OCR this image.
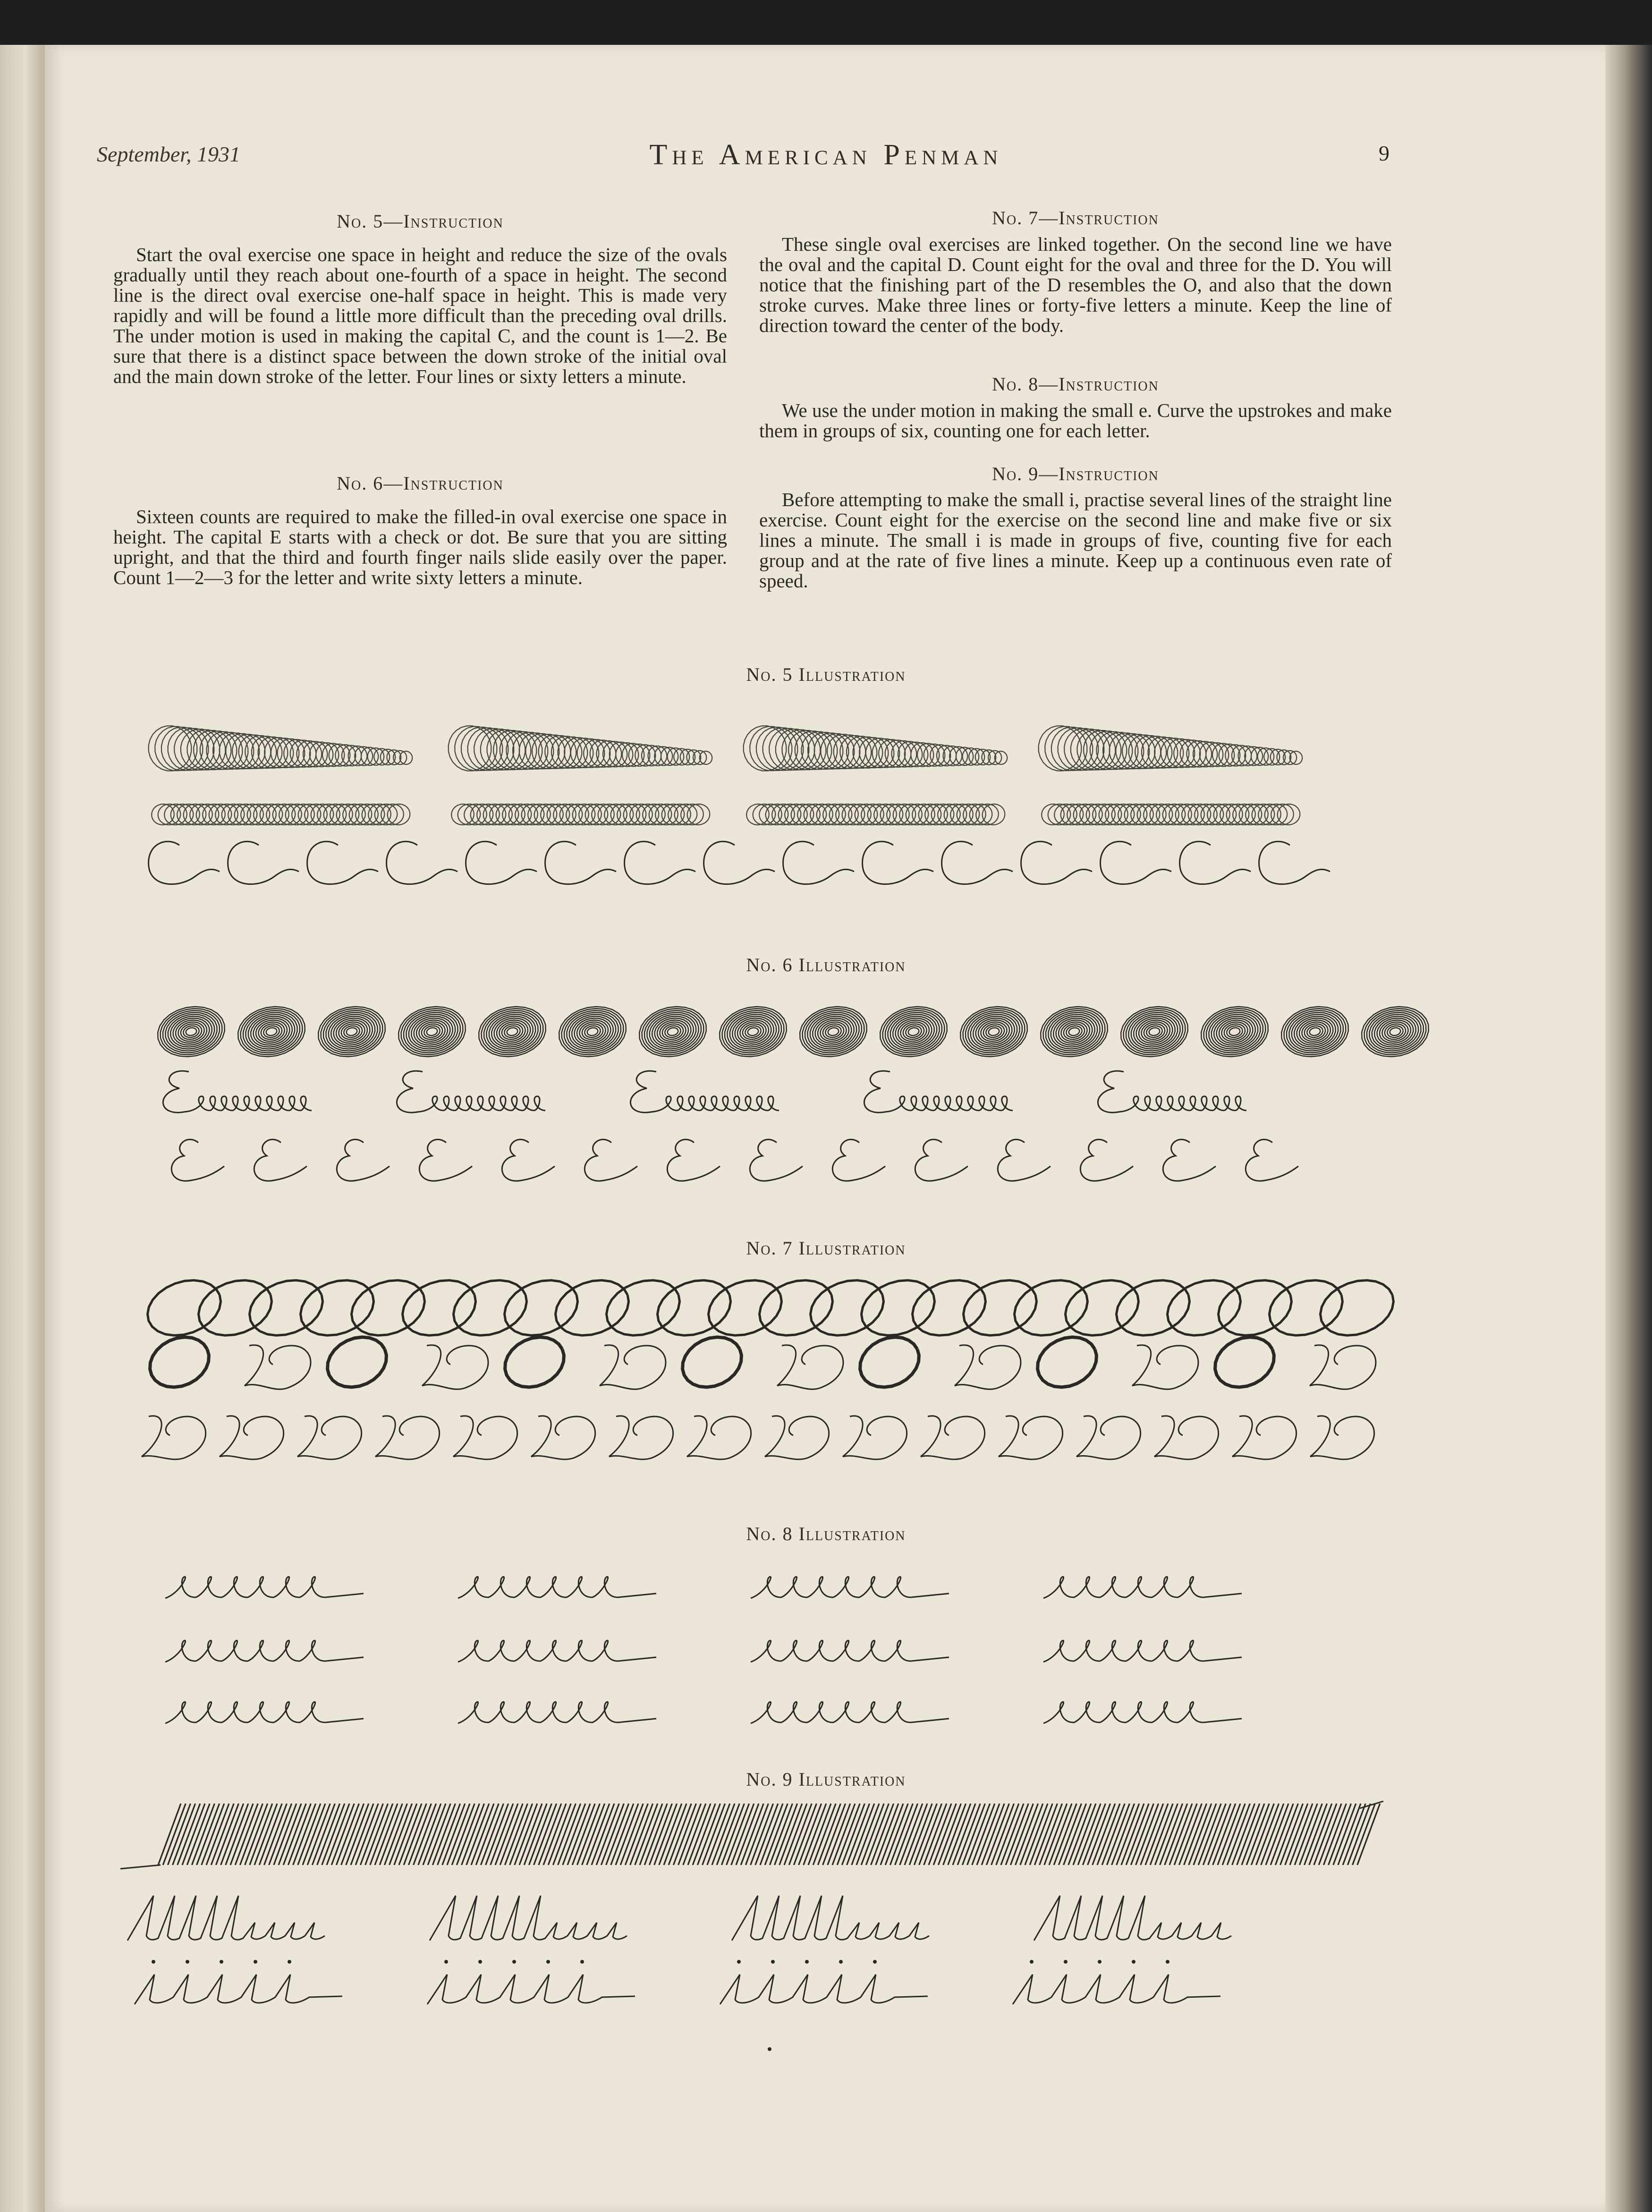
September, 1931	The American Penman	9
No. 5—Instruction
Start the oval exercise one space in height and reduce the size of the ovals gradually until they reach about one-fourth of a space in height. The second line is the direct oval exercise one-half space in height. This is made very rapidly and will be found a little more difficult than the preceding oval drills. The under motion is used in making the capital C, and the count is 1—2. Be sure that there is a distinct space between the down stroke of the initial oval and the main down stroke of the letter. Four lines or sixty letters a minute.
No. 6—Instruction
Sixteen counts are required to make the filled-in oval exercise one space in height. The capital E starts with a check or dot. Be sure that you are sitting upright, and that the third and fourth finger nails slide easily over the paper. Count 1—2—3 for the letter and write sixty letters a minute.
No. 7—Instruction
These single oval exercises are linked together. On the second line we have the oval and the capital D. Count eight for the oval and three for the D. You will notice that the finishing part of the D resembles the O, and also that the down stroke curves. Make three lines or forty-five letters a minute. Keep the line of direction toward the center of the body.
No. 8—Instruction
We use the under motion in making the small e. Curve the upstrokes and make them in groups of six, counting one for each letter.
No. 9—Instruction
Before attempting to make the small i, practise several lines of the straight line exercise. Count eight for the exercise on the second line and make five or six lines a minute. The small i is made in groups of five, counting five for each group and at the rate of five lines a minute. Keep up a continuous even rate of speed.
No. 5 Illustration
No. 6 Illustration
No. 7 Illustration
No. 8 Illustration
No. 9 Illustration
